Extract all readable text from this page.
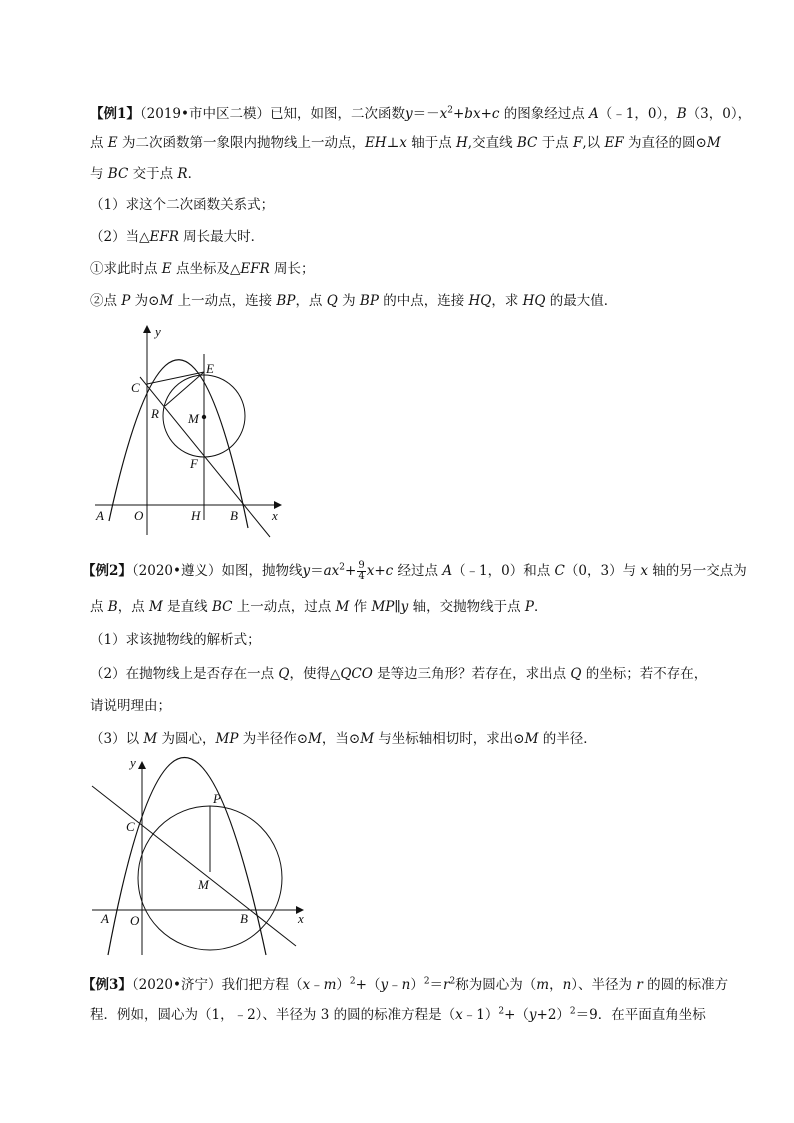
【例1】（2019•市中区二模）已知，如图，二次函数$y=-x^2+bx+c$ 的图象经过点 A（﹣1，0），B（3，0），
点 E 为二次函数第一象限内抛物线上一动点，EH⊥x 轴于点 H,交直线 BC 于点 F,以 EF 为直径的圆⊙M
与 BC 交于点 R．
（1）求这个二次函数关系式；
（2）当△EFR 周长最大时．
①求此时点 E 点坐标及△EFR 周长；
②点 P 为⊙M 上一动点，连接 BP，点 Q 为 BP 的中点，连接 HQ，求 HQ 的最大值．
y
x
C
E
R M
F
A O	H B
【例2】（2020•遵义）如图，抛物线$y=ax^2+ \frac{9}{4} x+c$ 经过点 A（﹣1，0）和点 C（0，3）与 x 轴的另一交点为
点 B，点 M 是直线 BC 上一动点，过点 M 作 MP∥y 轴，交抛物线于点 P．
（1）求该抛物线的解析式；
（2）在抛物线上是否存在一点 Q，使得△QCO 是等边三角形？若存在，求出点 Q 的坐标；若不存在，
请说明理由；
（3）以 M 为圆心，MP 为半径作⊙M，当⊙M 与坐标轴相切时，求出⊙M 的半径．
y
x
P
C
M
A O	B
【例3】（2020•济宁）我们把方程$(x﹣m)^2+(y﹣n)^2=r^2$称为圆心为（m，n）、半径为 r 的圆的标准方
程．例如，圆心为（1，﹣2）、半径为 3 的圆的标准方程是$(x﹣1)^2+(y+2)^2=9$．在平面直角坐标
